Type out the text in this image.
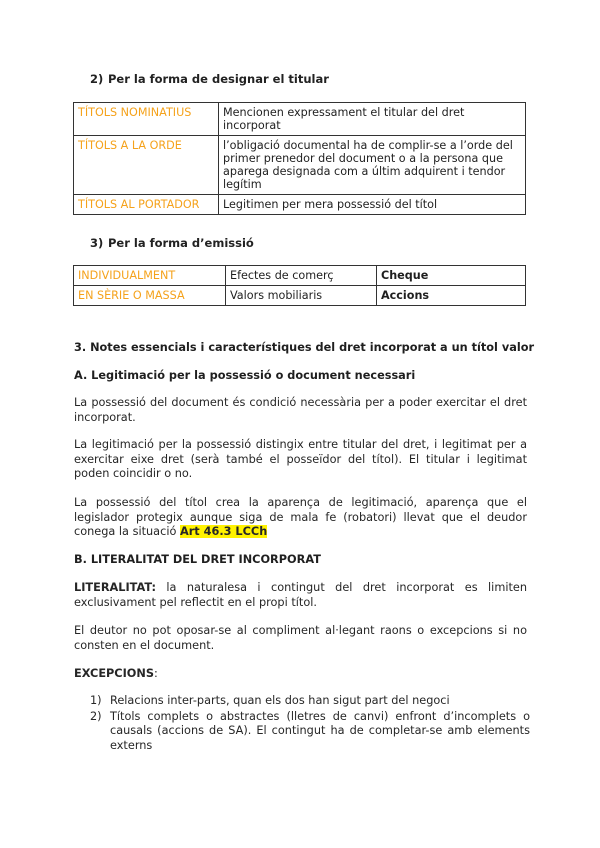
2) Per la forma de designar el titular
TÍTOLS NOMINATIUS	Mencionen expressament el titular del dret incorporat
TÍTOLS A LA ORDE	l’obligació documental ha de complir-se a l’orde del primer prenedor del document o a la persona que aparega designada com a últim adquirent i tendor legítim
TÍTOLS AL PORTADOR	Legitimen per mera possessió del títol
3) Per la forma d’emissió
INDIVIDUALMENT	Efectes de comerç	Cheque
EN SÈRIE O MASSA	Valors mobiliaris	Accions
3. Notes essencials i característiques del dret incorporat a un títol valor
A. Legitimació per la possessió o document necessari
La possessió del document és condició necessària per a poder exercitar el dret incorporat.
La legitimació per la possessió distingix entre titular del dret, i legitimat per a exercitar eixe dret (serà també el posseïdor del títol). El titular i legitimat poden coincidir o no.
La possessió del títol crea la aparença de legitimació, aparença que el legislador protegix aunque siga de mala fe (robatori) llevat que el deudor conega la situació Art 46.3 LCCh
B. LITERALITAT DEL DRET INCORPORAT
LITERALITAT: la naturalesa i contingut del dret incorporat es limiten exclusivament pel reflectit en el propi títol.
El deutor no pot oposar-se al compliment al·legant raons o excepcions si no consten en el document.
EXCEPCIONS:
1) Relacions inter-parts, quan els dos han sigut part del negoci
2) Títols complets o abstractes (lletres de canvi) enfront d’incomplets o causals (accions de SA). El contingut ha de completar-se amb elements externs
